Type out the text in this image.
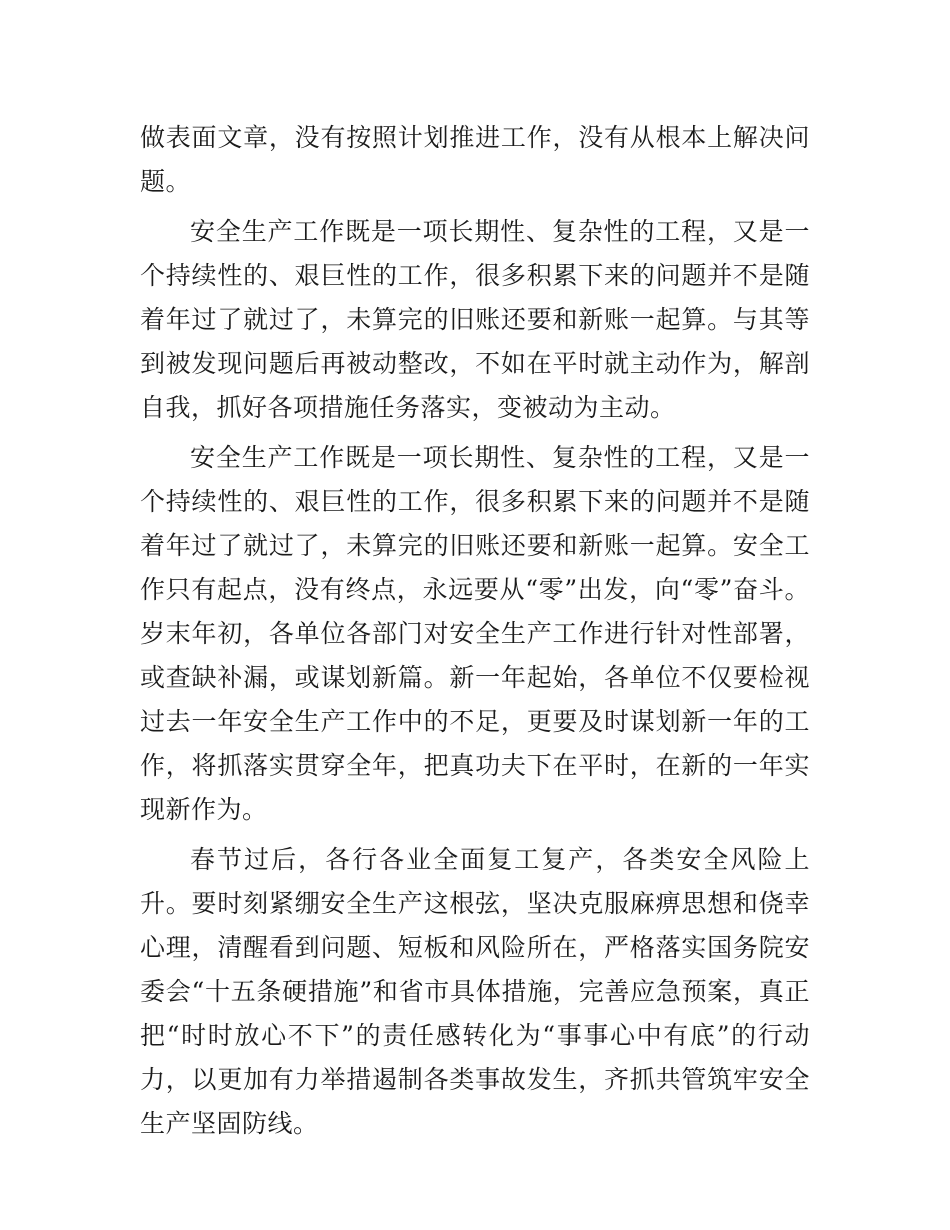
做表面文章，没有按照计划推进工作，没有从根本上解决问题。

安全生产工作既是一项长期性、复杂性的工程，又是一个持续性的、艰巨性的工作，很多积累下来的问题并不是随着年过了就过了，未算完的旧账还要和新账一起算。与其等到被发现问题后再被动整改，不如在平时就主动作为，解剖自我，抓好各项措施任务落实，变被动为主动。

安全生产工作既是一项长期性、复杂性的工程，又是一个持续性的、艰巨性的工作，很多积累下来的问题并不是随着年过了就过了，未算完的旧账还要和新账一起算。安全工作只有起点，没有终点，永远要从“零”出发，向“零”奋斗。岁末年初，各单位各部门对安全生产工作进行针对性部署，或查缺补漏，或谋划新篇。新一年起始，各单位不仅要检视过去一年安全生产工作中的不足，更要及时谋划新一年的工作，将抓落实贯穿全年，把真功夫下在平时，在新的一年实现新作为。

春节过后，各行各业全面复工复产，各类安全风险上升。要时刻紧绷安全生产这根弦，坚决克服麻痹思想和侥幸心理，清醒看到问题、短板和风险所在，严格落实国务院安委会“十五条硬措施”和省市具体措施，完善应急预案，真正把“时时放心不下”的责任感转化为“事事心中有底”的行动力，以更加有力举措遏制各类事故发生，齐抓共管筑牢安全生产坚固防线。
